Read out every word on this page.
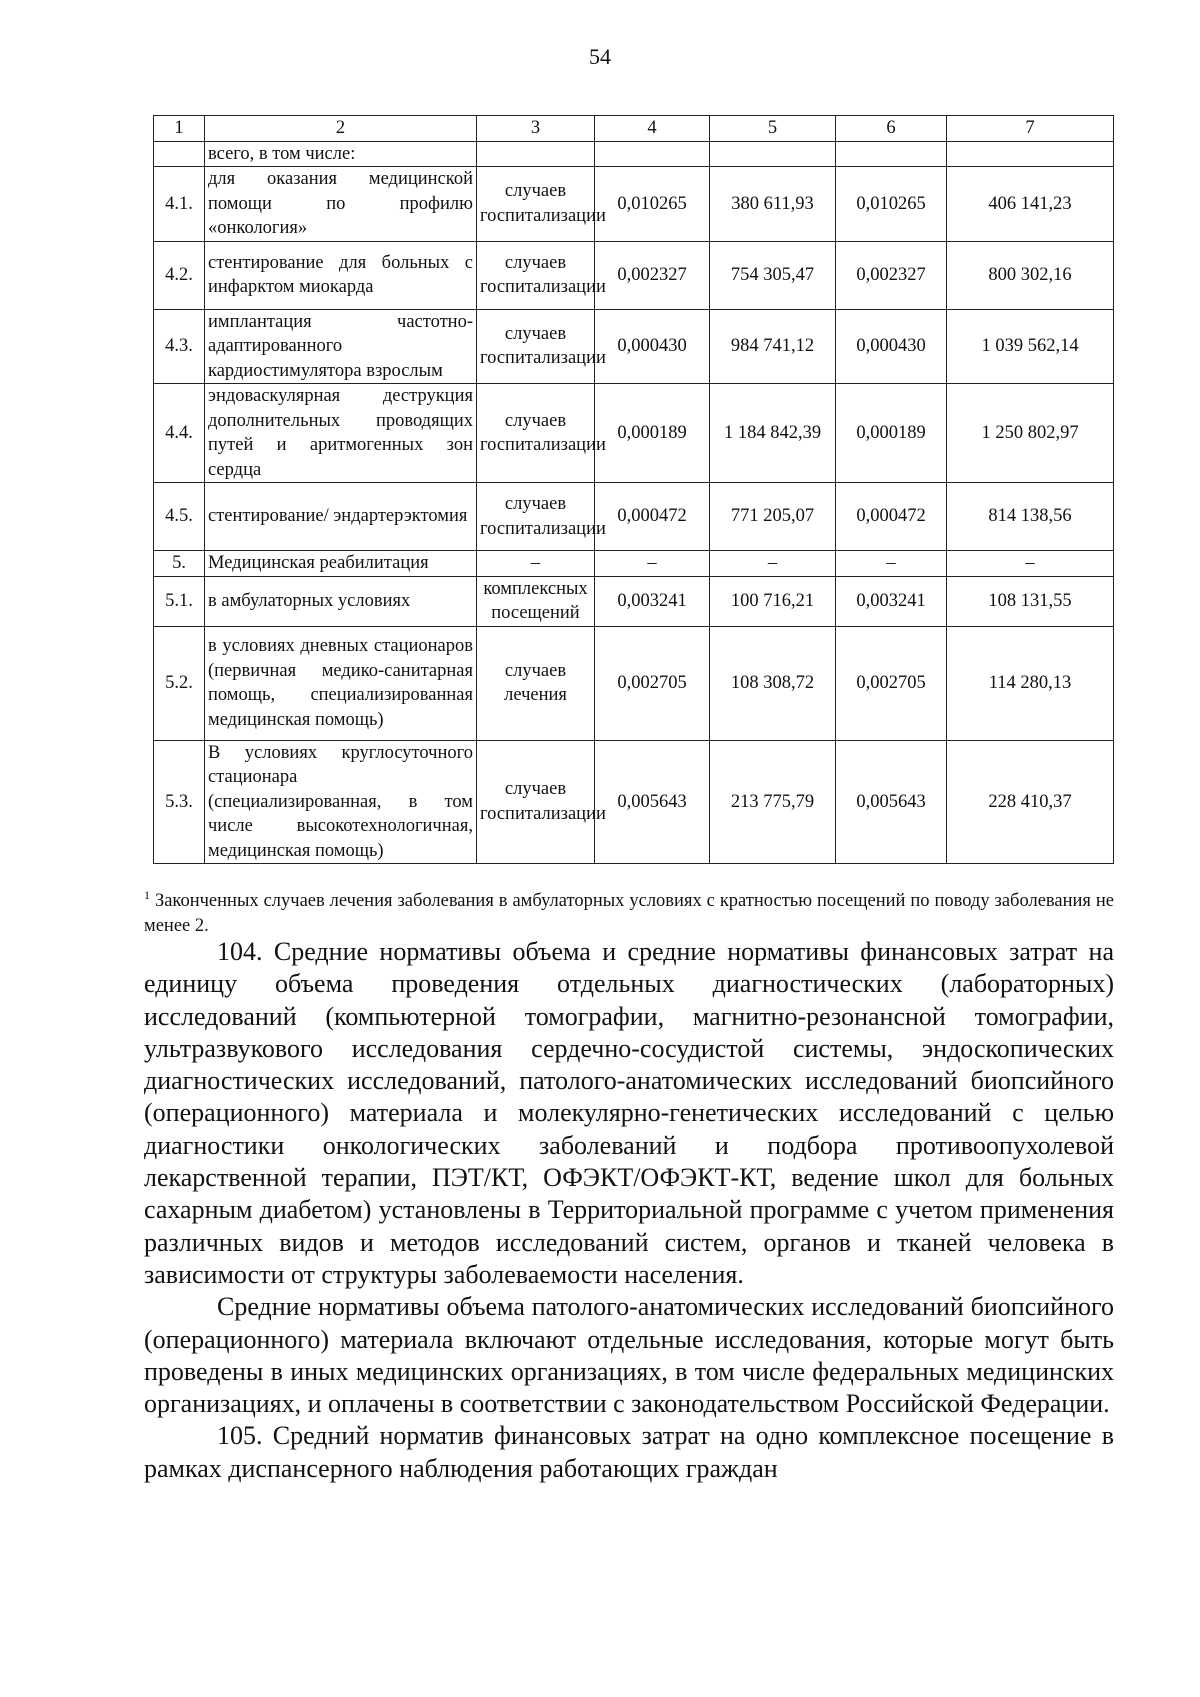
54
1	2	3	4	5	6	7
	всего, в том числе:					
4.1.	для оказания медицинской помощи по профилю «онкология»	случаев госпитализации	0,010265	380 611,93	0,010265	406 141,23
4.2.	стентирование для больных с инфарктом миокарда	случаев госпитализации	0,002327	754 305,47	0,002327	800 302,16
4.3.	имплантация частотно-адаптированного кардиостимулятора взрослым	случаев госпитализации	0,000430	984 741,12	0,000430	1 039 562,14
4.4.	эндоваскулярная деструкция дополнительных проводящих путей и аритмогенных зон сердца	случаев госпитализации	0,000189	1 184 842,39	0,000189	1 250 802,97
4.5.	стентирование/ эндартерэктомия	случаев госпитализации	0,000472	771 205,07	0,000472	814 138,56
5.	Медицинская реабилитация	–	–	–	–	–
5.1.	в амбулаторных условиях	комплексных посещений	0,003241	100 716,21	0,003241	108 131,55
5.2.	в условиях дневных стационаров (первичная медико-санитарная помощь, специализированная медицинская помощь)	случаев лечения	0,002705	108 308,72	0,002705	114 280,13
5.3.	В условиях круглосуточного стационара (специализированная, в том числе высокотехнологичная, медицинская помощь)	случаев госпитализации	0,005643	213 775,79	0,005643	228 410,37
$^1$ Законченных случаев лечения заболевания в амбулаторных условиях с кратностью посещений по поводу заболевания не менее 2.

104. Средние нормативы объема и средние нормативы финансовых затрат на единицу объема проведения отдельных диагностических (лабораторных) исследований (компьютерной томографии, магнитно-резонансной томографии, ультразвукового исследования сердечно-сосудистой системы, эндоскопических диагностических исследований, патолого-анатомических исследований биопсийного (операционного) материала и молекулярно-генетических исследований с целью диагностики онкологических заболеваний и подбора противоопухолевой лекарственной терапии, ПЭТ/КТ, ОФЭКТ/ОФЭКТ-КТ, ведение школ для больных сахарным диабетом) установлены в Территориальной программе с учетом применения различных видов и методов исследований систем, органов и тканей человека в зависимости от структуры заболеваемости населения.

Средние нормативы объема патолого-анатомических исследований биопсийного (операционного) материала включают отдельные исследования, которые могут быть проведены в иных медицинских организациях, в том числе федеральных медицинских организациях, и оплачены в соответствии с законодательством Российской Федерации.

105. Средний норматив финансовых затрат на одно комплексное посещение в рамках диспансерного наблюдения работающих граждан
